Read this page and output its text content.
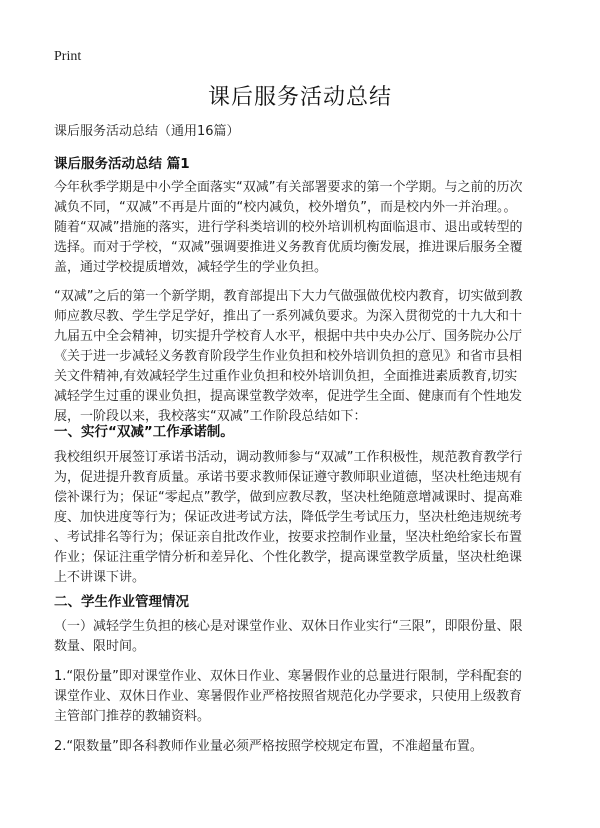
Print
课后服务活动总结
课后服务活动总结（通用16篇）
课后服务活动总结 篇1
今年秋季学期是中小学全面落实“双减”有关部署要求的第一个学期。与之前的历次
减负不同，“双减”不再是片面的“校内减负，校外增负”，而是校内外一并治理。。
随着“双减”措施的落实，进行学科类培训的校外培训机构面临退市、退出或转型的
选择。而对于学校，“双减”强调要推进义务教育优质均衡发展，推进课后服务全覆
盖，通过学校提质增效，减轻学生的学业负担。
“双减”之后的第一个新学期，教育部提出下大力气做强做优校内教育，切实做到教
师应教尽教、学生学足学好，推出了一系列减负要求。为深入贯彻党的十九大和十
九届五中全会精神，切实提升学校育人水平，根据中共中央办公厅、国务院办公厅
《关于进一步减轻义务教育阶段学生作业负担和校外培训负担的意见》和省市县相
关文件精神,有效减轻学生过重作业负担和校外培训负担，全面推进素质教育,切实
减轻学生过重的课业负担，提高课堂教学效率，促进学生全面、健康而有个性地发
展，一阶段以来，我校落实“双减”工作阶段总结如下：
一、实行“双减”工作承诺制。
我校组织开展签订承诺书活动，调动教师参与“双减”工作积极性，规范教育教学行
为，促进提升教育质量。承诺书要求教师保证遵守教师职业道德，坚决杜绝违规有
偿补课行为；保证“零起点”教学，做到应教尽教，坚决杜绝随意增减课时、提高难
度、加快进度等行为；保证改进考试方法，降低学生考试压力，坚决杜绝违规统考
、考试排名等行为；保证亲自批改作业，按要求控制作业量，坚决杜绝给家长布置
作业；保证注重学情分析和差异化、个性化教学，提高课堂教学质量，坚决杜绝课
上不讲课下讲。
二、学生作业管理情况
（一）减轻学生负担的核心是对课堂作业、双休日作业实行“三限”，即限份量、限
数量、限时间。
1.“限份量”即对课堂作业、双休日作业、寒暑假作业的总量进行限制，学科配套的
课堂作业、双休日作业、寒暑假作业严格按照省规范化办学要求，只使用上级教育
主管部门推荐的教辅资料。
2.“限数量”即各科教师作业量必须严格按照学校规定布置，不准超量布置。
